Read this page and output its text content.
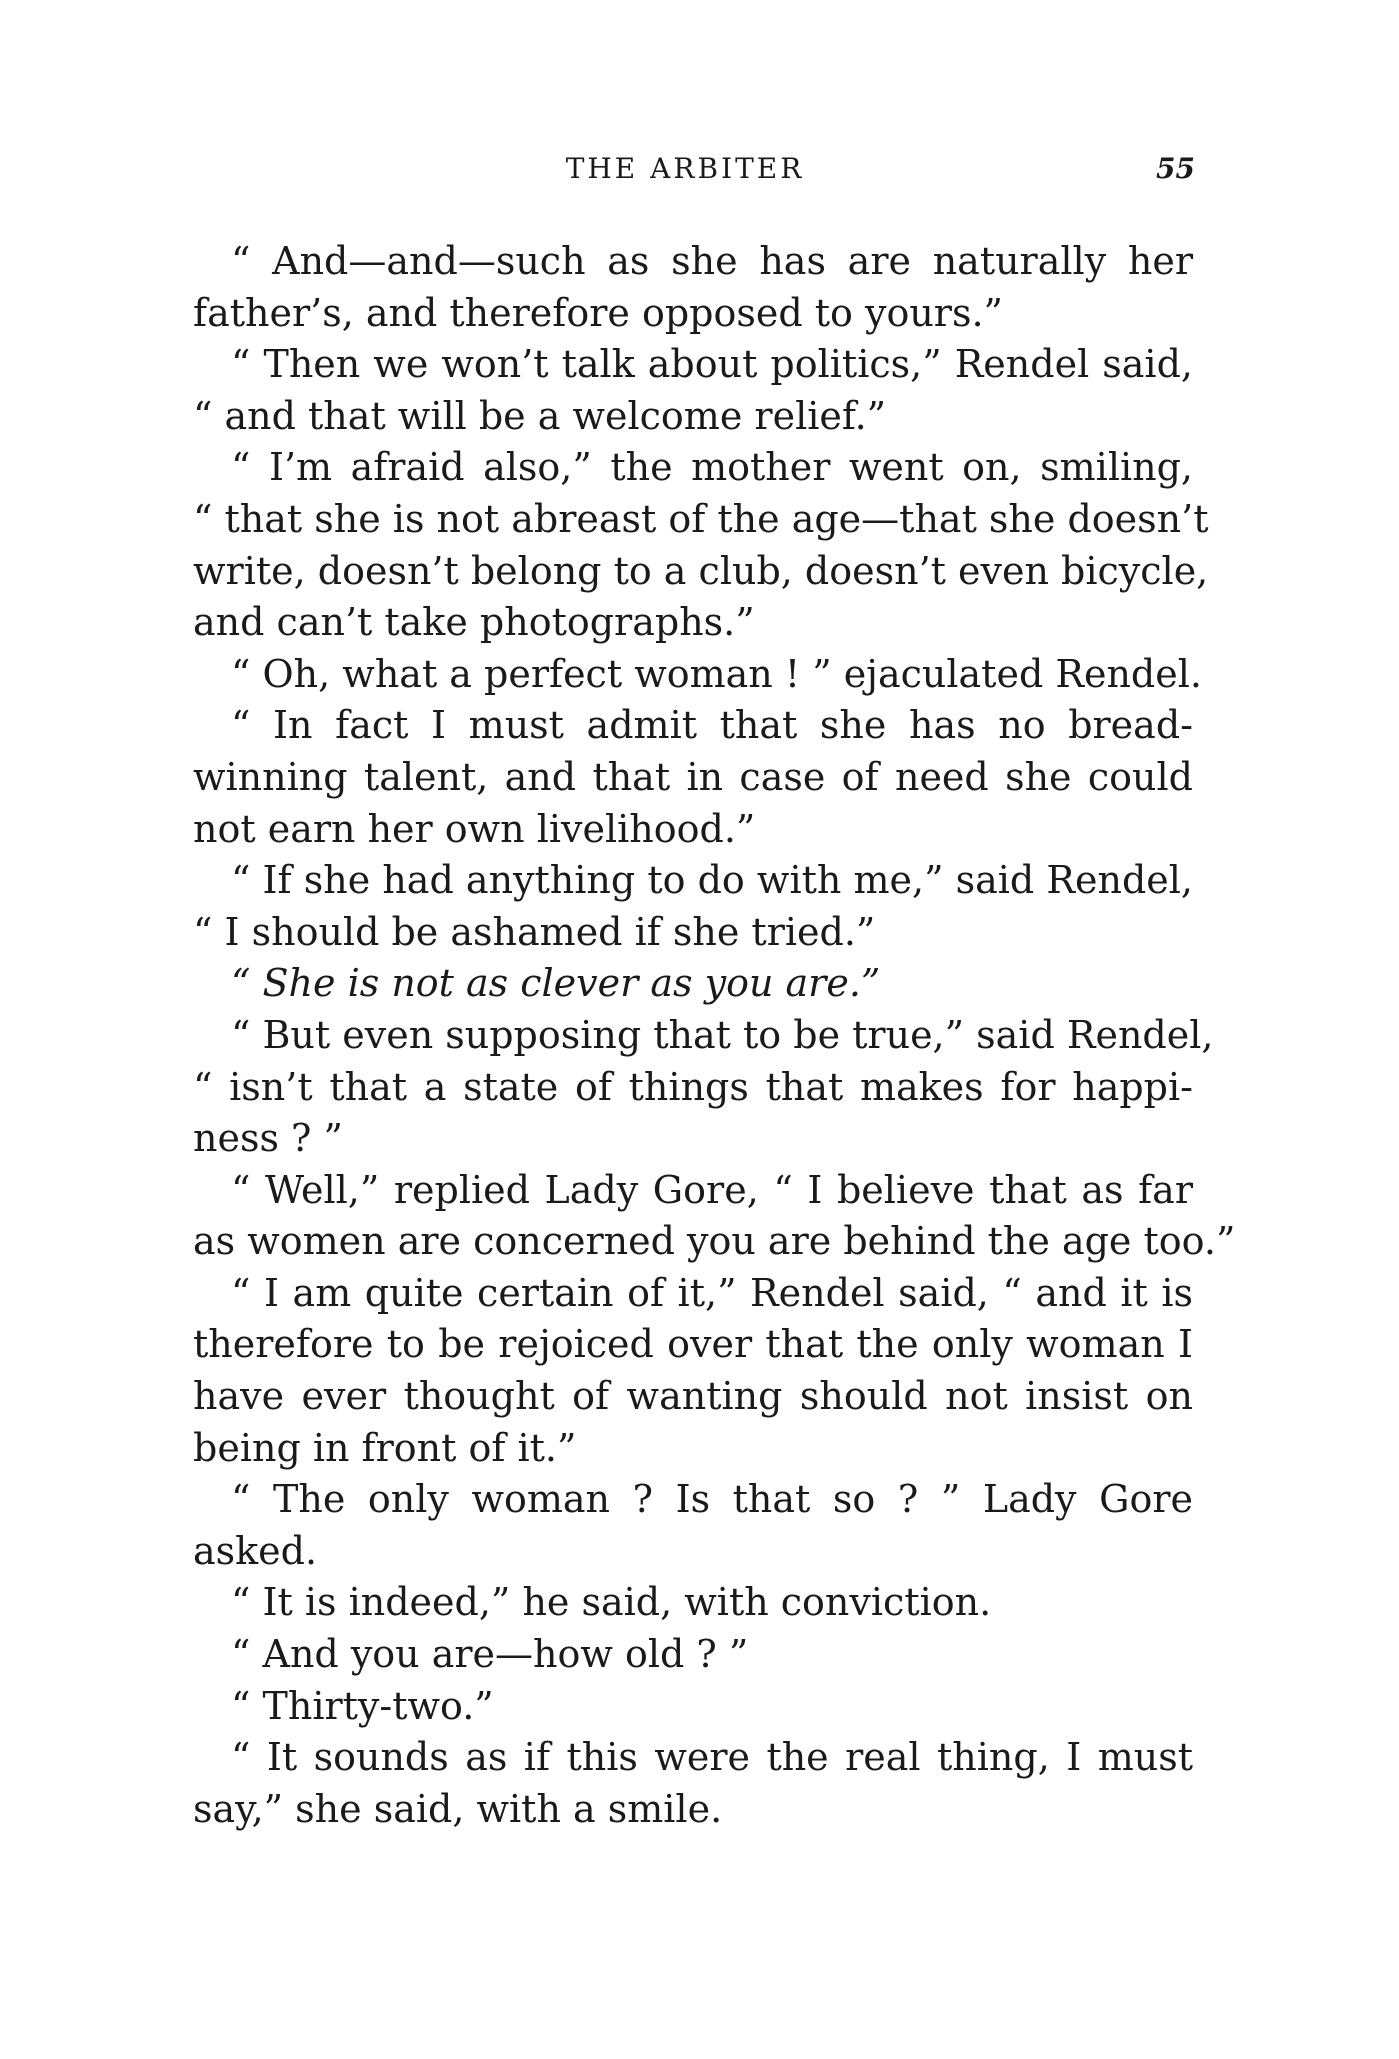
THE ARBITER	55
“ And—and—such as she has are naturally her
father’s, and therefore opposed to yours.”
“ Then we won’t talk about politics,” Rendel said,
“ and that will be a welcome relief.”
“ I’m afraid also,” the mother went on, smiling,
“ that she is not abreast of the age—that she doesn’t
write, doesn’t belong to a club, doesn’t even bicycle,
and can’t take photographs.”
“ Oh, what a perfect woman ! ” ejaculated Rendel.
“ In fact I must admit that she has no bread-
winning talent, and that in case of need she could
not earn her own livelihood.”
“ If she had anything to do with me,” said Rendel,
“ I should be ashamed if she tried.”
“ She is not as clever as you are.”
“ But even supposing that to be true,” said Rendel,
“ isn’t that a state of things that makes for happi-
ness ? ”
“ Well,” replied Lady Gore, “ I believe that as far
as women are concerned you are behind the age too.”
“ I am quite certain of it,” Rendel said, “ and it is
therefore to be rejoiced over that the only woman I
have ever thought of wanting should not insist on
being in front of it.”
“ The only woman ? Is that so ? ” Lady Gore
asked.
“ It is indeed,” he said, with conviction.
“ And you are—how old ? ”
“ Thirty-two.”
“ It sounds as if this were the real thing, I must
say,” she said, with a smile.
